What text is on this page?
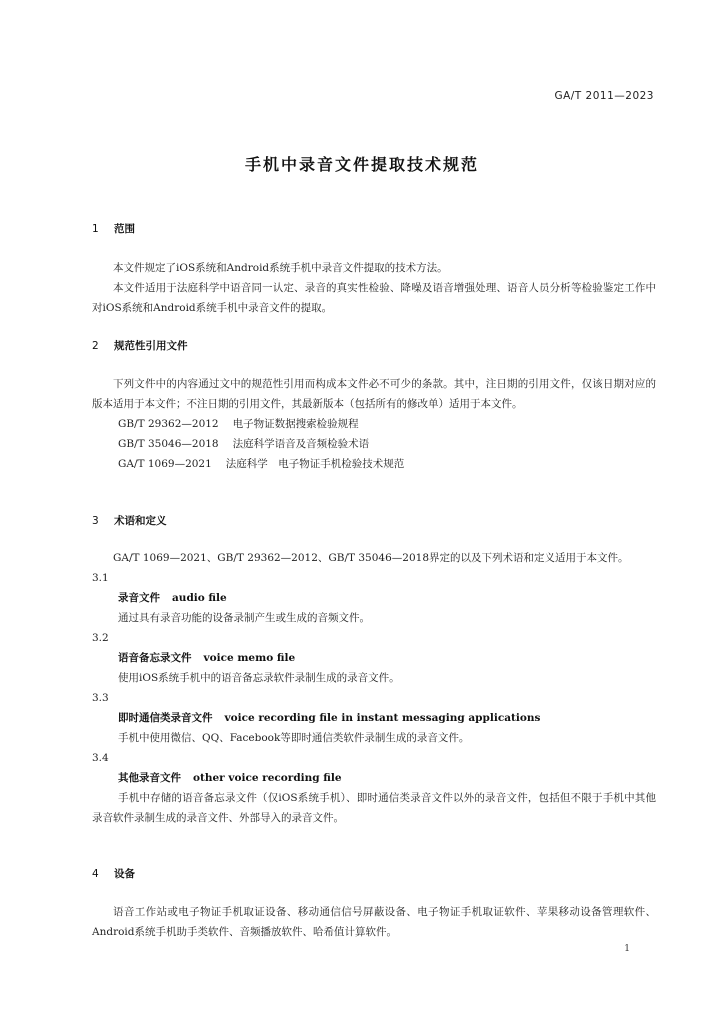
GA/T 2011—2023
手机中录音文件提取技术规范
1 范围
本文件规定了iOS系统和Android系统手机中录音文件提取的技术方法。
本文件适用于法庭科学中语音同一认定、录音的真实性检验、降噪及语音增强处理、语音人员分析等检验鉴定工作中对iOS系统和Android系统手机中录音文件的提取。
2 规范性引用文件
下列文件中的内容通过文中的规范性引用而构成本文件必不可少的条款。其中，注日期的引用文件，仅该日期对应的版本适用于本文件；不注日期的引用文件，其最新版本（包括所有的修改单）适用于本文件。
GB/T 29362—2012 电子物证数据搜索检验规程
GB/T 35046—2018 法庭科学语音及音频检验术语
GA/T 1069—2021 法庭科学　电子物证手机检验技术规范
3 术语和定义
GA/T 1069—2021、GB/T 29362—2012、GB/T 35046—2018界定的以及下列术语和定义适用于本文件。
3.1
录音文件 audio file
通过具有录音功能的设备录制产生或生成的音频文件。
3.2
语音备忘录文件 voice memo file
使用iOS系统手机中的语音备忘录软件录制生成的录音文件。
3.3
即时通信类录音文件 voice recording file in instant messaging applications
手机中使用微信、QQ、Facebook等即时通信类软件录制生成的录音文件。
3.4
其他录音文件 other voice recording file
手机中存储的语音备忘录文件（仅iOS系统手机）、即时通信类录音文件以外的录音文件，包括但不限于手机中其他录音软件录制生成的录音文件、外部导入的录音文件。
4 设备
语音工作站或电子物证手机取证设备、移动通信信号屏蔽设备、电子物证手机取证软件、苹果移动设备管理软件、Android系统手机助手类软件、音频播放软件、哈希值计算软件。
1
